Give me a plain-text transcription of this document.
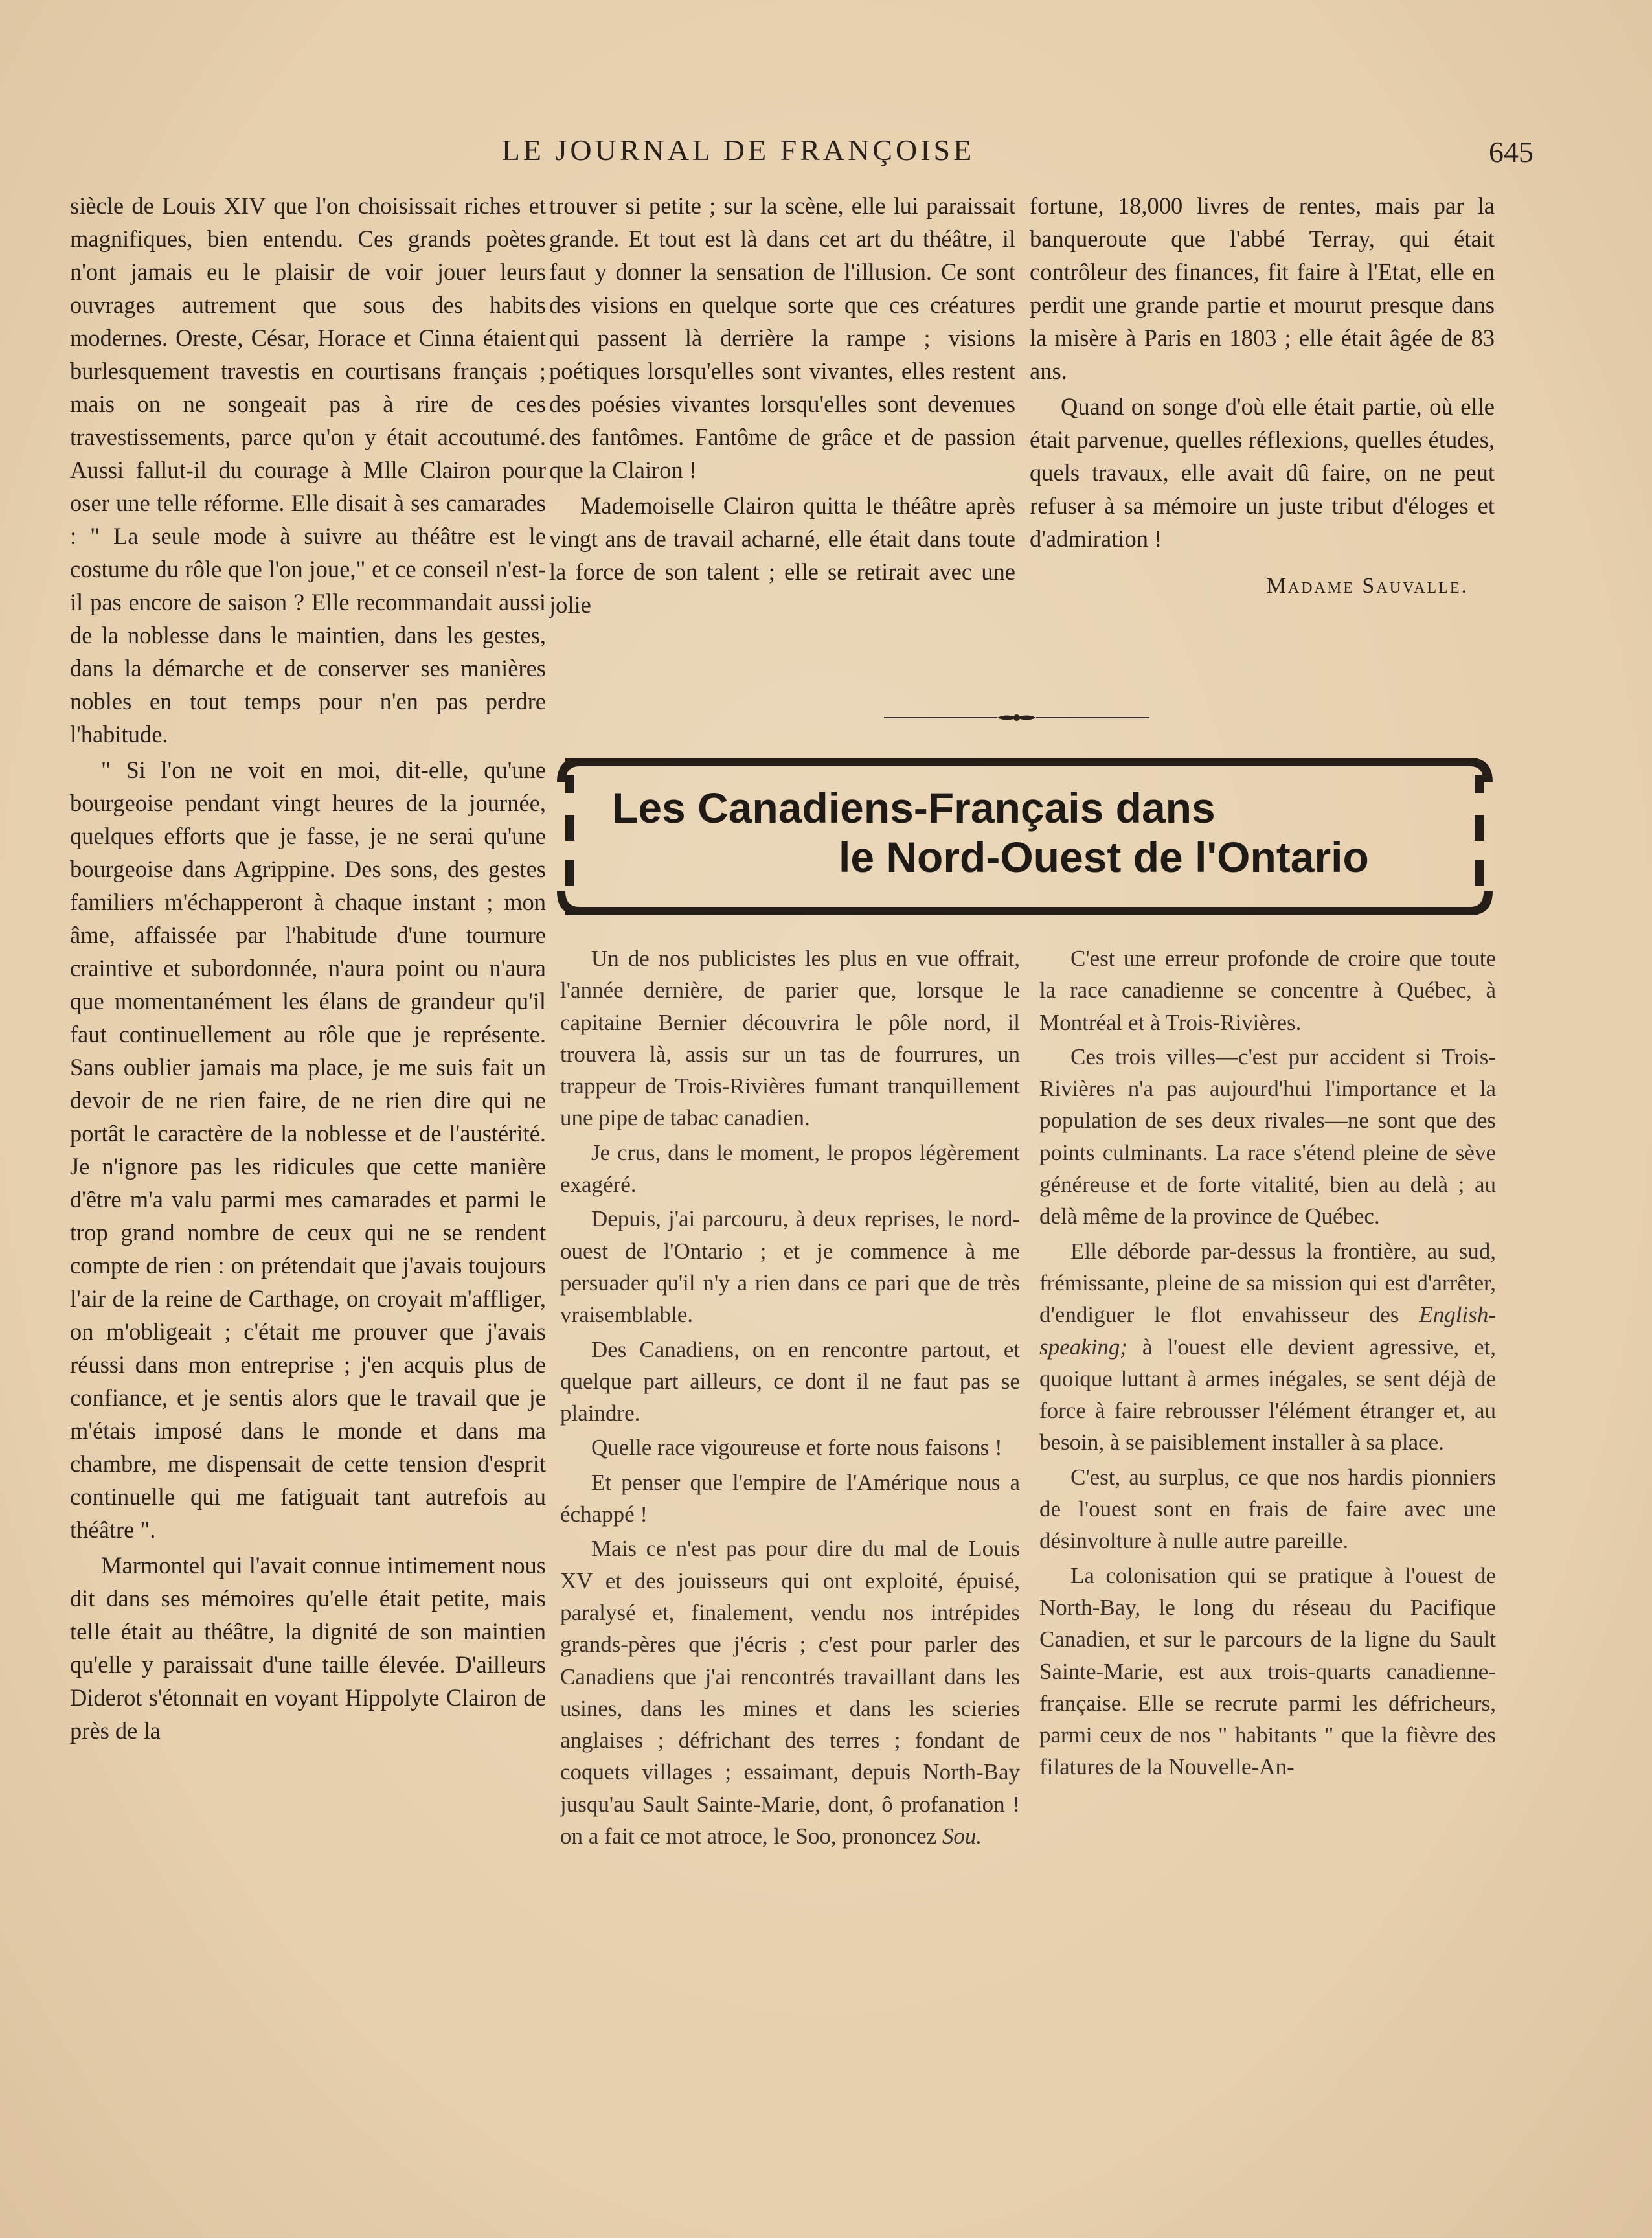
LE JOURNAL DE FRANÇOISE	645

siècle de Louis XIV que l'on choisissait riches et magnifiques, bien entendu. Ces grands poètes n'ont jamais eu le plaisir de voir jouer leurs ouvrages autrement que sous des habits modernes. Oreste, César, Horace et Cinna étaient burlesquement travestis en courtisans français ; mais on ne songeait pas à rire de ces travestissements, parce qu'on y était accoutumé. Aussi fallut-il du courage à Mlle Clairon pour oser une telle réforme. Elle disait à ses camarades : " La seule mode à suivre au théâtre est le costume du rôle que l'on joue," et ce conseil n'est-il pas encore de saison ? Elle recommandait aussi de la noblesse dans le maintien, dans les gestes, dans la démarche et de conserver ses manières nobles en tout temps pour n'en pas perdre l'habitude.

" Si l'on ne voit en moi, dit-elle, qu'une bourgeoise pendant vingt heures de la journée, quelques efforts que je fasse, je ne serai qu'une bourgeoise dans Agrippine. Des sons, des gestes familiers m'échapperont à chaque instant ; mon âme, affaissée par l'habitude d'une tournure craintive et subordonnée, n'aura point ou n'aura que momentanément les élans de grandeur qu'il faut continuellement au rôle que je représente. Sans oublier jamais ma place, je me suis fait un devoir de ne rien faire, de ne rien dire qui ne portât le caractère de la noblesse et de l'austérité. Je n'ignore pas les ridicules que cette manière d'être m'a valu parmi mes camarades et parmi le trop grand nombre de ceux qui ne se rendent compte de rien : on prétendait que j'avais toujours l'air de la reine de Carthage, on croyait m'affliger, on m'obligeait ; c'était me prouver que j'avais réussi dans mon entreprise ; j'en acquis plus de confiance, et je sentis alors que le travail que je m'étais imposé dans le monde et dans ma chambre, me dispensait de cette tension d'esprit continuelle qui me fatiguait tant autrefois au théâtre ".

Marmontel qui l'avait connue intimement nous dit dans ses mémoires qu'elle était petite, mais telle était au théâtre, la dignité de son maintien qu'elle y paraissait d'une taille élevée. D'ailleurs Diderot s'étonnait en voyant Hippolyte Clairon de près de la

trouver si petite ; sur la scène, elle lui paraissait grande. Et tout est là dans cet art du théâtre, il faut y donner la sensation de l'illusion. Ce sont des visions en quelque sorte que ces créatures qui passent là derrière la rampe ; visions poétiques lorsqu'elles sont vivantes, elles restent des poésies vivantes lorsqu'elles sont devenues des fantômes. Fantôme de grâce et de passion que la Clairon !

Mademoiselle Clairon quitta le théâtre après vingt ans de travail acharné, elle était dans toute la force de son talent ; elle se retirait avec une jolie

fortune, 18,000 livres de rentes, mais par la banqueroute que l'abbé Terray, qui était contrôleur des finances, fit faire à l'Etat, elle en perdit une grande partie et mourut presque dans la misère à Paris en 1803 ; elle était âgée de 83 ans.

Quand on songe d'où elle était partie, où elle était parvenue, quelles réflexions, quelles études, quels travaux, elle avait dû faire, on ne peut refuser à sa mémoire un juste tribut d'éloges et d'admiration !

Madame Sauvalle.
Les Canadiens-Français dans
le Nord-Ouest de l'Ontario

Un de nos publicistes les plus en vue offrait, l'année dernière, de parier que, lorsque le capitaine Bernier découvrira le pôle nord, il trouvera là, assis sur un tas de fourrures, un trappeur de Trois-Rivières fumant tranquillement une pipe de tabac canadien.

Je crus, dans le moment, le propos légèrement exagéré.

Depuis, j'ai parcouru, à deux reprises, le nord-ouest de l'Ontario ; et je commence à me persuader qu'il n'y a rien dans ce pari que de très vraisemblable.

Des Canadiens, on en rencontre partout, et quelque part ailleurs, ce dont il ne faut pas se plaindre.

Quelle race vigoureuse et forte nous faisons !

Et penser que l'empire de l'Amérique nous a échappé !

Mais ce n'est pas pour dire du mal de Louis XV et des jouisseurs qui ont exploité, épuisé, paralysé et, finalement, vendu nos intrépides grands-pères que j'écris ; c'est pour parler des Canadiens que j'ai rencontrés travaillant dans les usines, dans les mines et dans les scieries anglaises ; défrichant des terres ; fondant de coquets villages ; essaimant, depuis North-Bay jusqu'au Sault Sainte-Marie, dont, ô profanation ! on a fait ce mot atroce, le Soo, prononcez Sou.

C'est une erreur profonde de croire que toute la race canadienne se concentre à Québec, à Montréal et à Trois-Rivières.

Ces trois villes—c'est pur accident si Trois-Rivières n'a pas aujourd'hui l'importance et la population de ses deux rivales—ne sont que des points culminants. La race s'étend pleine de sève généreuse et de forte vitalité, bien au delà ; au delà même de la province de Québec.

Elle déborde par-dessus la frontière, au sud, frémissante, pleine de sa mission qui est d'arrêter, d'endiguer le flot envahisseur des English-speaking; à l'ouest elle devient agressive, et, quoique luttant à armes inégales, se sent déjà de force à faire rebrousser l'élément étranger et, au besoin, à se paisiblement installer à sa place.

C'est, au surplus, ce que nos hardis pionniers de l'ouest sont en frais de faire avec une désinvolture à nulle autre pareille.

La colonisation qui se pratique à l'ouest de North-Bay, le long du réseau du Pacifique Canadien, et sur le parcours de la ligne du Sault Sainte-Marie, est aux trois-quarts canadienne-française. Elle se recrute parmi les défricheurs, parmi ceux de nos " habitants " que la fièvre des filatures de la Nouvelle-An-
